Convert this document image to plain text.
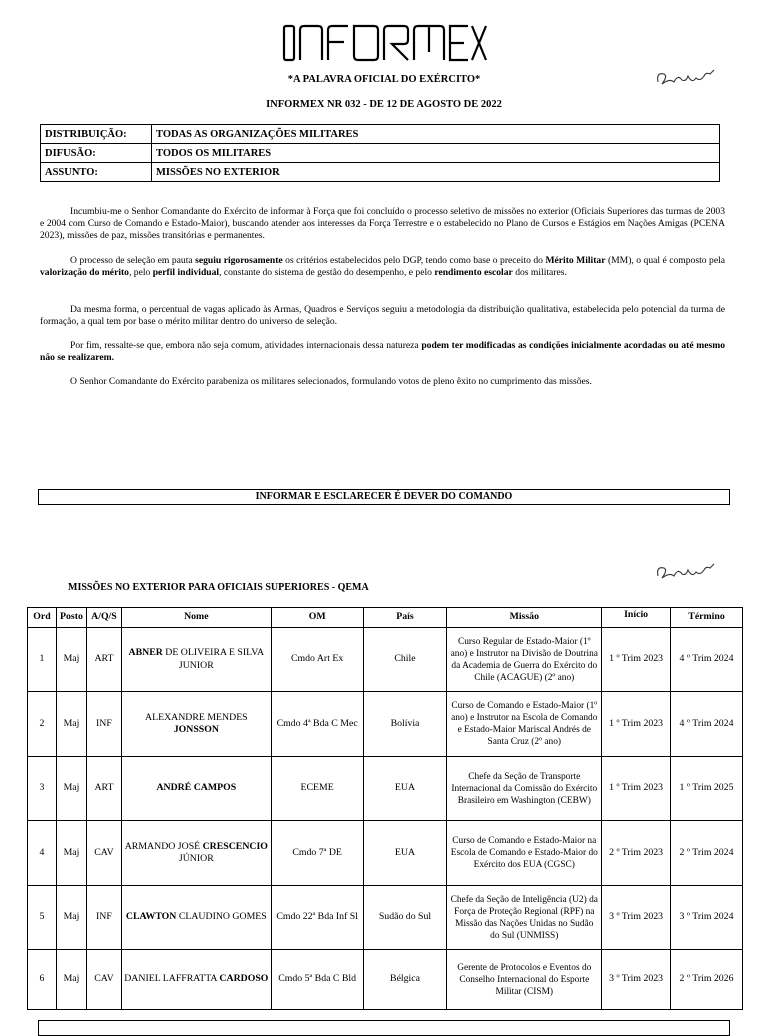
*A PALAVRA OFICIAL DO EXÉRCITO*
INFORMEX NR 032 - DE 12 DE AGOSTO DE 2022
DISTRIBUIÇÃO:	TODAS AS ORGANIZAÇÕES MILITARES
DIFUSÃO:	TODOS OS MILITARES
ASSUNTO:	MISSÕES NO EXTERIOR

Incumbiu-me o Senhor Comandante do Exército de informar à Força que foi concluído o processo seletivo de missões no exterior (Oficiais Superiores das turmas de 2003 e 2004 com Curso de Comando e Estado-Maior), buscando atender aos interesses da Força Terrestre e o estabelecido no Plano de Cursos e Estágios em Nações Amigas (PCENA 2023), missões de paz, missões transitórias e permanentes.

O processo de seleção em pauta seguiu rigorosamente os critérios estabelecidos pelo DGP, tendo como base o preceito do Mérito Militar (MM), o qual é composto pela valorização do mérito, pelo perfil individual, constante do sistema de gestão do desempenho, e pelo rendimento escolar dos militares.

Da mesma forma, o percentual de vagas aplicado às Armas, Quadros e Serviços seguiu a metodologia da distribuição qualitativa, estabelecida pelo potencial da turma de formação, a qual tem por base o mérito militar dentro do universo de seleção.

Por fim, ressalte-se que, embora não seja comum, atividades internacionais dessa natureza podem ter modificadas as condições inicialmente acordadas ou até mesmo não se realizarem.

O Senhor Comandante do Exército parabeniza os militares selecionados, formulando votos de pleno êxito no cumprimento das missões.

INFORMAR E ESCLARECER É DEVER DO COMANDO
MISSÕES NO EXTERIOR PARA OFICIAIS SUPERIORES - QEMA
Ord	Posto	A/Q/S	Nome	OM	País	Missão	Início	Término
1	Maj	ART	ABNER DE OLIVEIRA E SILVA JUNIOR	Cmdo Art Ex	Chile	Curso Regular de Estado-Maior (1º ano) e Instrutor na Divisão de Doutrina da Academia de Guerra do Exército do Chile (ACAGUE) (2º ano)	1 º Trim 2023	4 º Trim 2024
2	Maj	INF	ALEXANDRE MENDES JONSSON	Cmdo 4ª Bda C Mec	Bolívia	Curso de Comando e Estado-Maior (1º ano) e Instrutor na Escola de Comando e Estado-Maior Mariscal Andrés de Santa Cruz (2º ano)	1 º Trim 2023	4 º Trim 2024
3	Maj	ART	ANDRÉ CAMPOS	ECEME	EUA	Chefe da Seção de Transporte Internacional da Comissão do Exército Brasileiro em Washington (CEBW)	1 º Trim 2023	1 º Trim 2025
4	Maj	CAV	ARMANDO JOSÉ CRESCENCIO JÚNIOR	Cmdo 7ª DE	EUA	Curso de Comando e Estado-Maior na Escola de Comando e Estado-Maior do Exército dos EUA (CGSC)	2 º Trim 2023	2 º Trim 2024
5	Maj	INF	CLAWTON CLAUDINO GOMES	Cmdo 22ª Bda Inf Sl	Sudão do Sul	Chefe da Seção de Inteligência (U2) da Força de Proteção Regional (RPF) na Missão das Nações Unidas no Sudão do Sul (UNMISS)	3 º Trim 2023	3 º Trim 2024
6	Maj	CAV	DANIEL LAFFRATTA CARDOSO	Cmdo 5ª Bda C Bld	Bélgica	Gerente de Protocolos e Eventos do Conselho Internacional do Esporte Militar (CISM)	3 º Trim 2023	2 º Trim 2026
